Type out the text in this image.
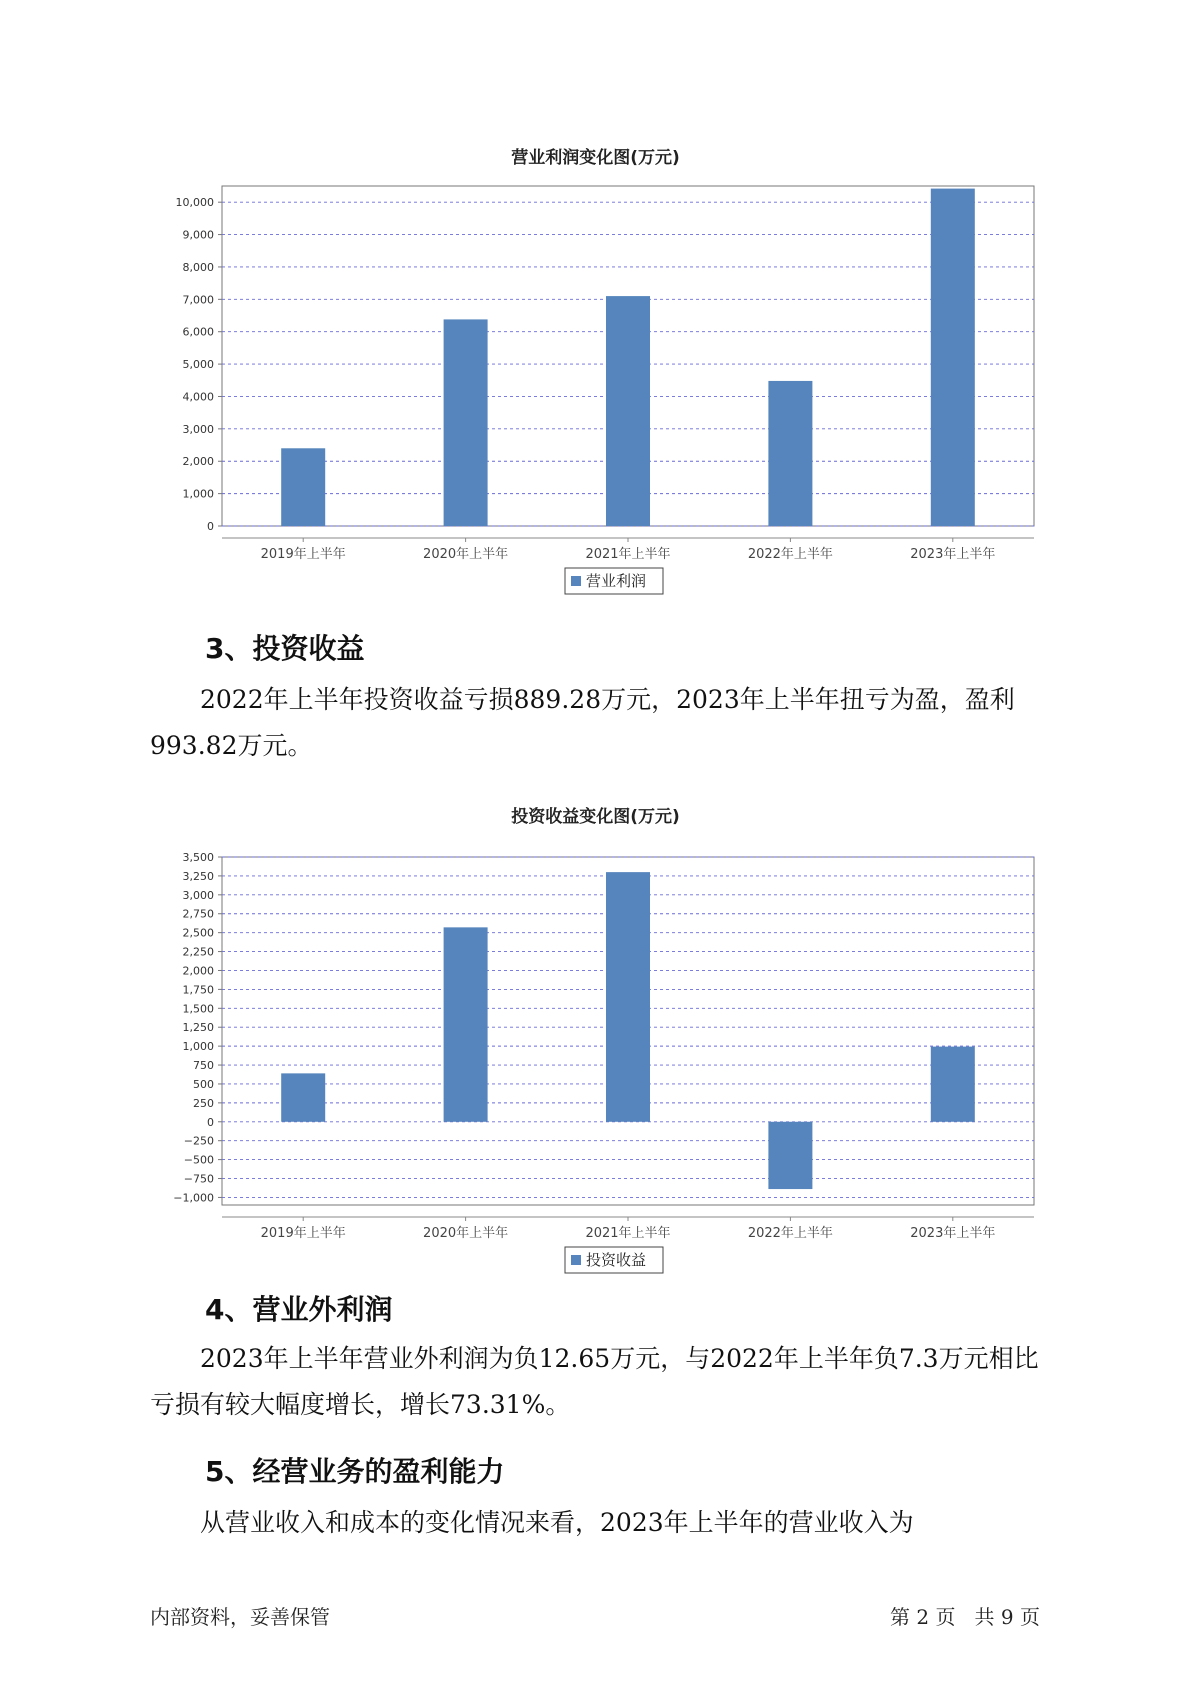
营业利润变化图(万元)
0
1,000
2,000
3,000
4,000
5,000
6,000
7,000
8,000
9,000
10,000
2019年上半年	2020年上半年	2021年上半年	2022年上半年	2023年上半年
营业利润
3、投资收益

2022年上半年投资收益亏损889.28万元，2023年上半年扭亏为盈，盈利993.82万元。

投资收益变化图(万元)
−1,000
−750
−500
−250
0
250
500
750
1,000
1,250
1,500
1,750
2,000
2,250
2,500
2,750
3,000
3,250
3,500
2019年上半年	2020年上半年	2021年上半年	2022年上半年	2023年上半年
投资收益
4、营业外利润

2023年上半年营业外利润为负12.65万元，与2022年上半年负7.3万元相比亏损有较大幅度增长，增长73.31%。

5、经营业务的盈利能力

从营业收入和成本的变化情况来看，2023年上半年的营业收入为

内部资料，妥善保管	第 2 页   共 9 页
